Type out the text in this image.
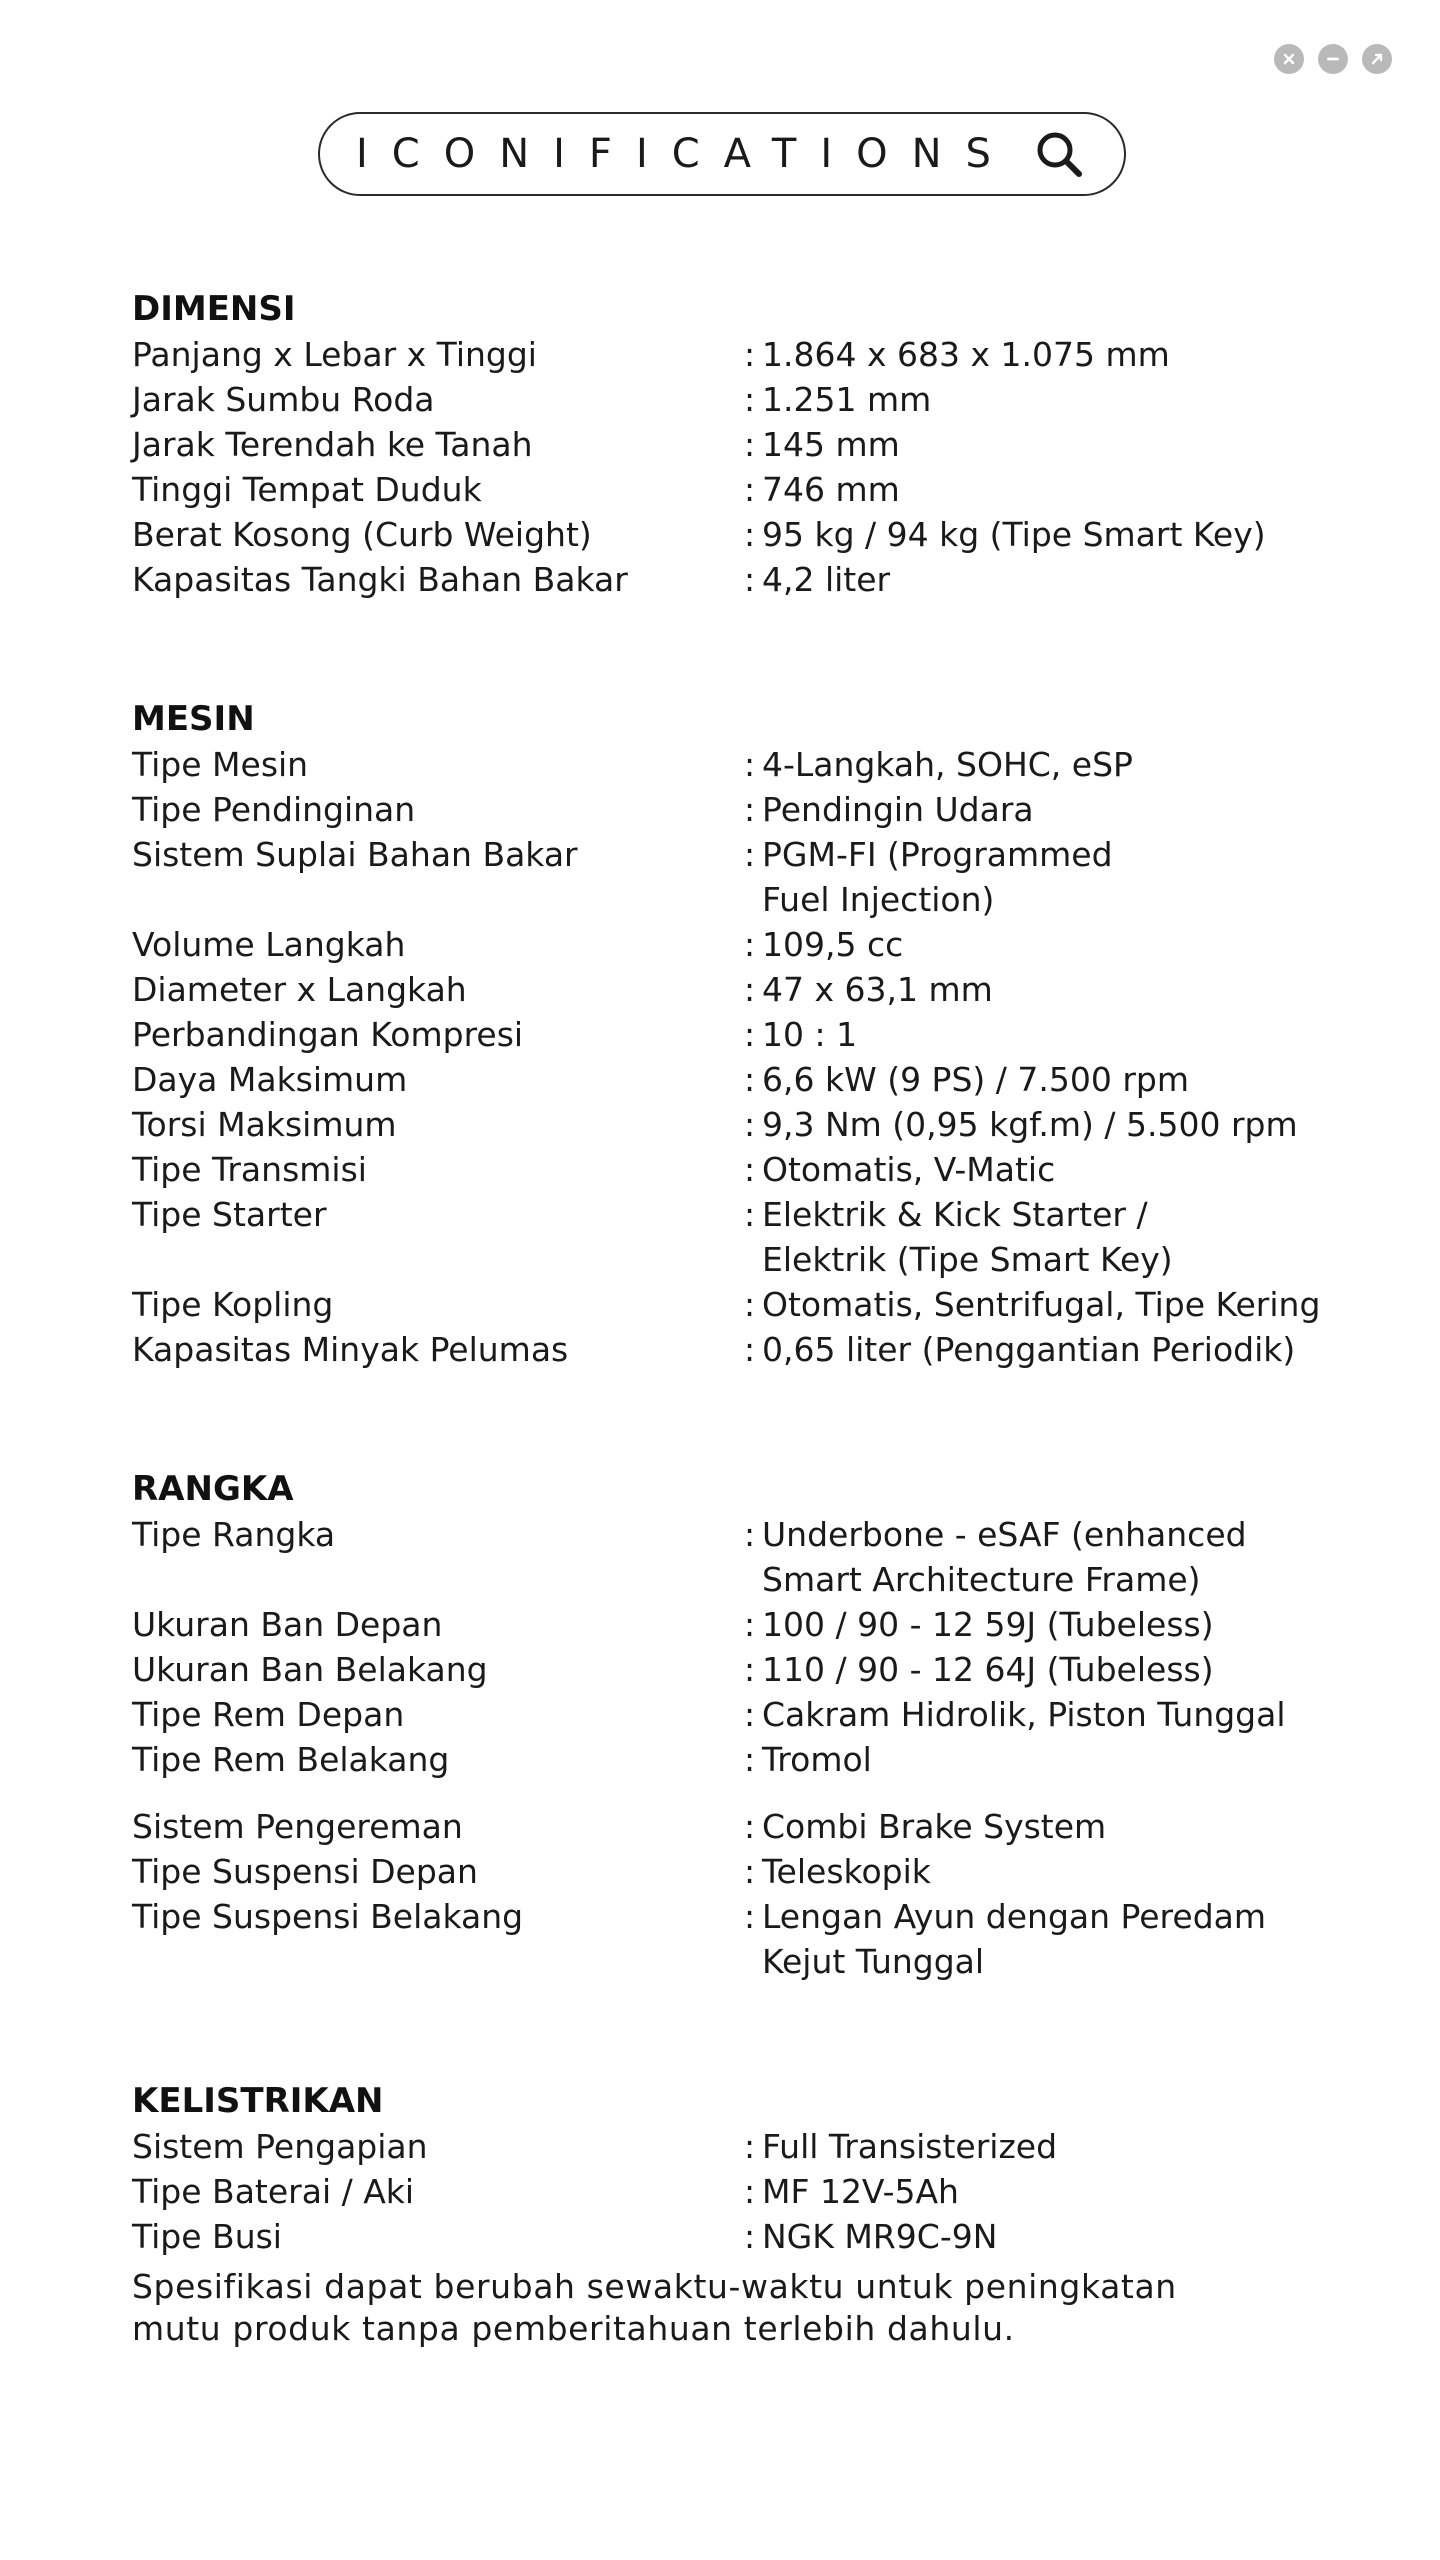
ICONIFICATIONS
DIMENSI
Panjang x Lebar x Tinggi	: 1.864 x 683 x 1.075 mm
Jarak Sumbu Roda	: 1.251 mm
Jarak Terendah ke Tanah	: 145 mm
Tinggi Tempat Duduk	: 746 mm
Berat Kosong (Curb Weight)	: 95 kg / 94 kg (Tipe Smart Key)
Kapasitas Tangki Bahan Bakar	: 4,2 liter
MESIN
Tipe Mesin	: 4-Langkah, SOHC, eSP
Tipe Pendinginan	: Pendingin Udara
Sistem Suplai Bahan Bakar	: PGM-FI (Programmed
Fuel Injection)
Volume Langkah	: 109,5 cc
Diameter x Langkah	: 47 x 63,1 mm
Perbandingan Kompresi	: 10 : 1
Daya Maksimum	: 6,6 kW (9 PS) / 7.500 rpm
Torsi Maksimum	: 9,3 Nm (0,95 kgf.m) / 5.500 rpm
Tipe Transmisi	: Otomatis, V-Matic
Tipe Starter	: Elektrik & Kick Starter /
Elektrik (Tipe Smart Key)
Tipe Kopling	: Otomatis, Sentrifugal, Tipe Kering
Kapasitas Minyak Pelumas	: 0,65 liter (Penggantian Periodik)
RANGKA
Tipe Rangka	: Underbone - eSAF (enhanced
Smart Architecture Frame)
Ukuran Ban Depan	: 100 / 90 - 12 59J (Tubeless)
Ukuran Ban Belakang	: 110 / 90 - 12 64J (Tubeless)
Tipe Rem Depan	: Cakram Hidrolik, Piston Tunggal
Tipe Rem Belakang	: Tromol
Sistem Pengereman	: Combi Brake System
Tipe Suspensi Depan	: Teleskopik
Tipe Suspensi Belakang	: Lengan Ayun dengan Peredam
Kejut Tunggal
KELISTRIKAN
Sistem Pengapian	: Full Transisterized
Tipe Baterai / Aki	: MF 12V-5Ah
Tipe Busi	: NGK MR9C-9N
Spesifikasi dapat berubah sewaktu-waktu untuk peningkatan
mutu produk tanpa pemberitahuan terlebih dahulu.
